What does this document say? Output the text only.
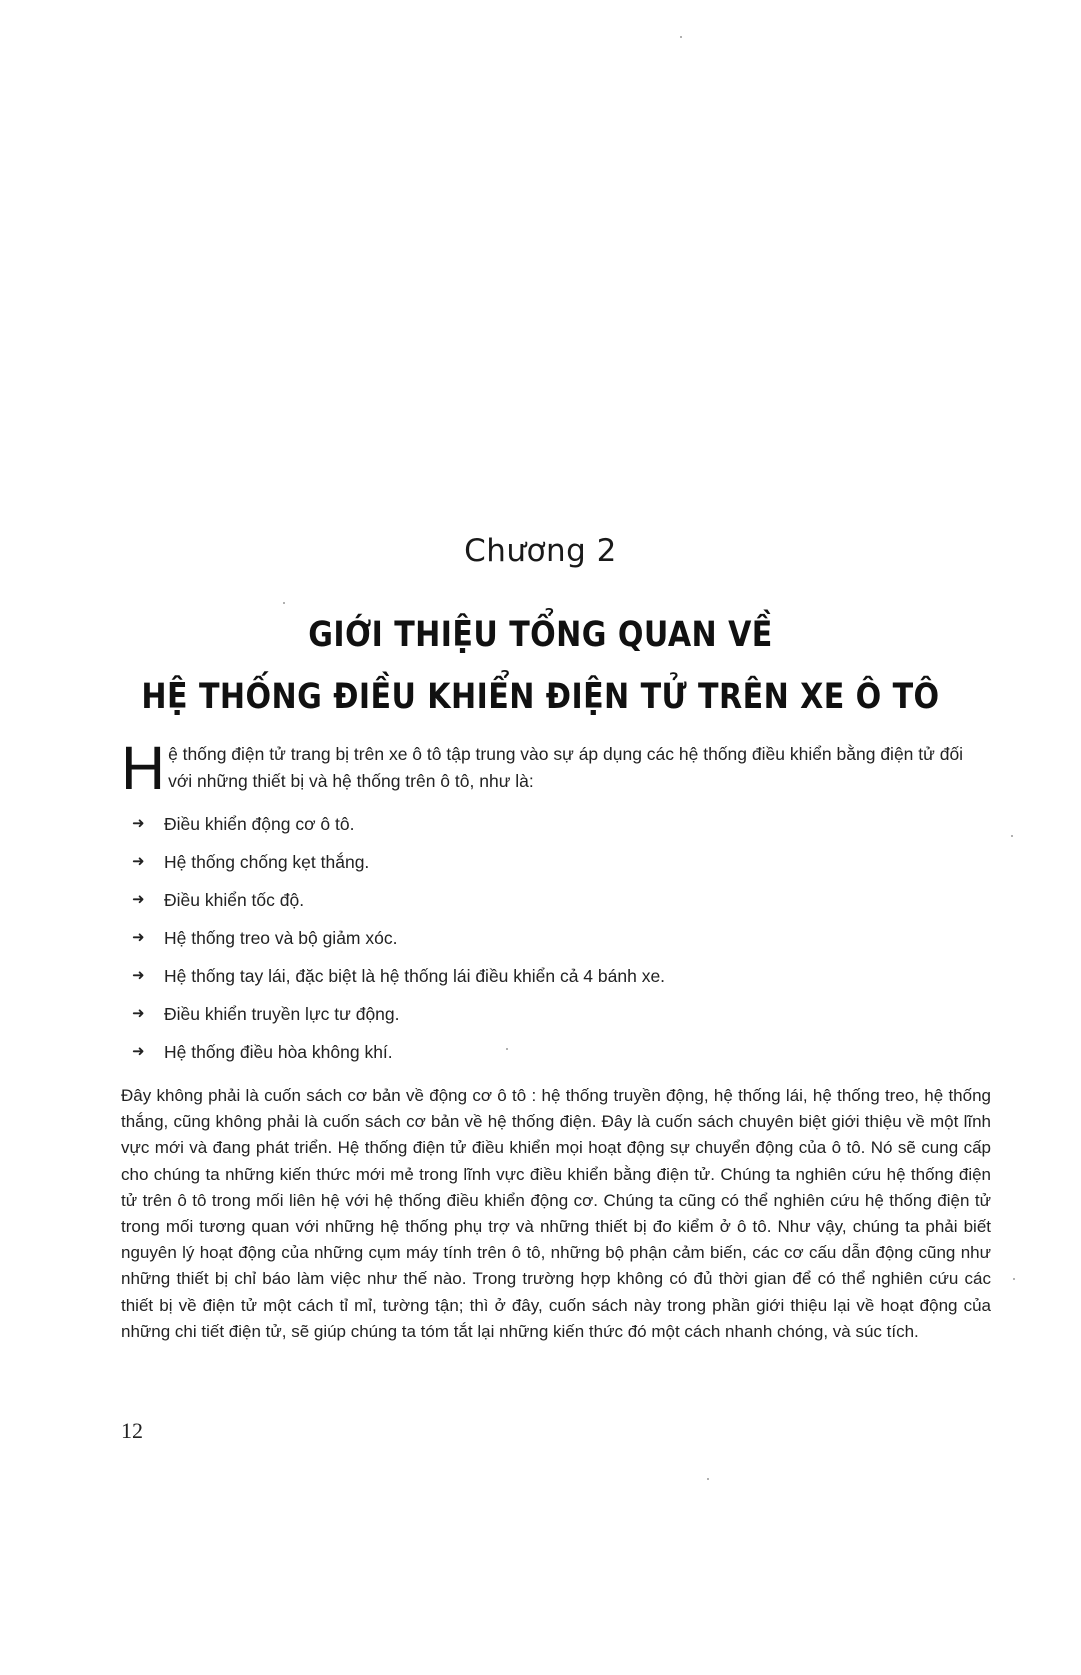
Chương 2
GIỚI THIỆU TỔNG QUAN VỀ
HỆ THỐNG ĐIỀU KHIỂN ĐIỆN TỬ TRÊN XE Ô TÔ
H ệ thống điện tử trang bị trên xe ô tô tập trung vào sự áp dụng các hệ thống điều khiển bằng điện tử đối với những thiết bị và hệ thống trên ô tô, như là:
➜ Điều khiển động cơ ô tô.
➜ Hệ thống chống kẹt thắng.
➜ Điều khiển tốc độ.
➜ Hệ thống treo và bộ giảm xóc.
➜ Hệ thống tay lái, đặc biệt là hệ thống lái điều khiển cả 4 bánh xe.
➜ Điều khiển truyền lực tư động.
➜ Hệ thống điều hòa không khí.

Đây không phải là cuốn sách cơ bản về động cơ ô tô : hệ thống truyền động, hệ thống lái, hệ thống treo, hệ thống thắng, cũng không phải là cuốn sách cơ bản về hệ thống điện. Đây là cuốn sách chuyên biệt giới thiệu về một lĩnh vực mới và đang phát triển. Hệ thống điện tử điều khiển mọi hoạt động sự chuyển động của ô tô. Nó sẽ cung cấp cho chúng ta những kiến thức mới mẻ trong lĩnh vực điều khiển bằng điện tử. Chúng ta nghiên cứu hệ thống điện tử trên ô tô trong mối liên hệ với hệ thống điều khiển động cơ. Chúng ta cũng có thể nghiên cứu hệ thống điện tử trong mối tương quan với những hệ thống phụ trợ và những thiết bị đo kiểm ở ô tô. Như vậy, chúng ta phải biết nguyên lý hoạt động của những cụm máy tính trên ô tô, những bộ phận cảm biến, các cơ cấu dẫn động cũng như những thiết bị chỉ báo làm việc như thế nào. Trong trường hợp không có đủ thời gian để có thể nghiên cứu các thiết bị về điện tử một cách tỉ mỉ, tường tận; thì ở đây, cuốn sách này trong phần giới thiệu lại về hoạt động của những chi tiết điện tử, sẽ giúp chúng ta tóm tắt lại những kiến thức đó một cách nhanh chóng, và súc tích.

12
